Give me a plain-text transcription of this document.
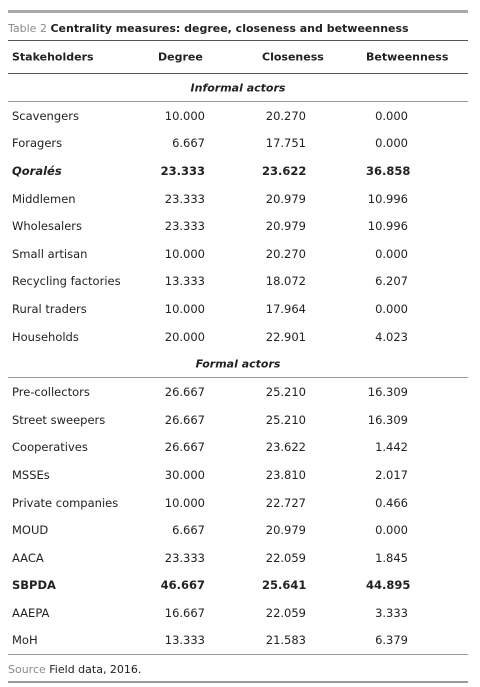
Table 2 Centrality measures: degree, closeness and betweenness
Stakeholders	Degree	Closeness	Betweenness
Informal actors
Scavengers	10.000	20.270	0.000
Foragers	6.667	17.751	0.000
Qoralés	23.333	23.622	36.858
Middlemen	23.333	20.979	10.996
Wholesalers	23.333	20.979	10.996
Small artisan	10.000	20.270	0.000
Recycling factories	13.333	18.072	6.207
Rural traders	10.000	17.964	0.000
Households	20.000	22.901	4.023
Formal actors
Pre-collectors	26.667	25.210	16.309
Street sweepers	26.667	25.210	16.309
Cooperatives	26.667	23.622	1.442
MSSEs	30.000	23.810	2.017
Private companies	10.000	22.727	0.466
MOUD	6.667	20.979	0.000
AACA	23.333	22.059	1.845
SBPDA	46.667	25.641	44.895
AAEPA	16.667	22.059	3.333
MoH	13.333	21.583	6.379
Source Field data, 2016.
